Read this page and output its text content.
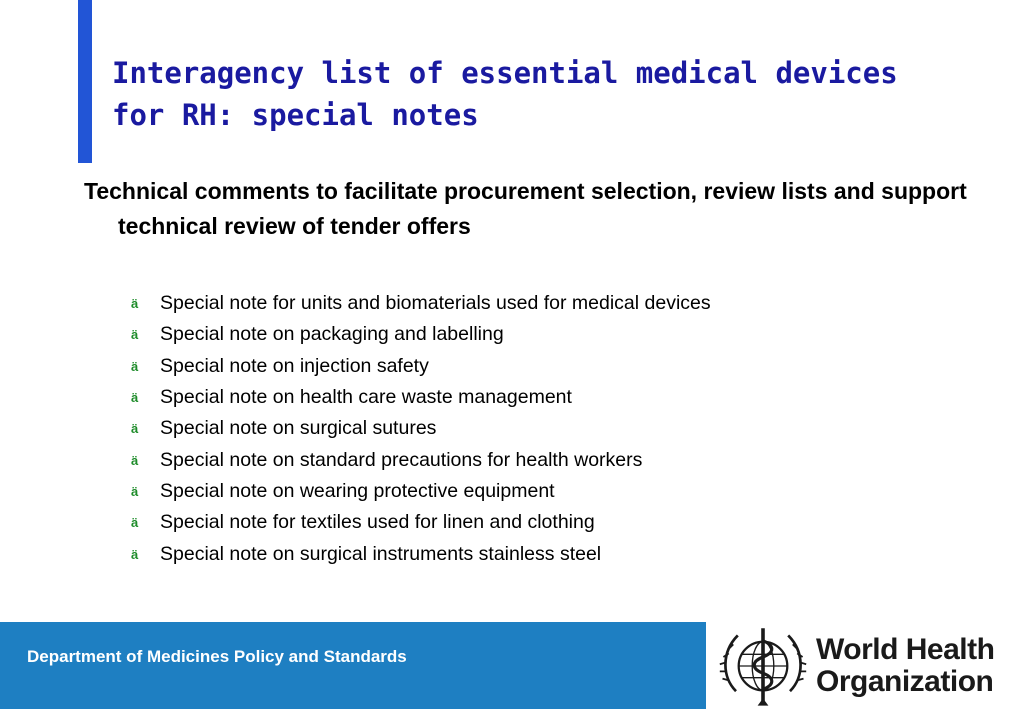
Interagency list of essential medical devices
for RH: special notes

Technical comments to facilitate procurement selection, review lists and support technical review of tender offers

ä	Special note for units and biomaterials used for medical devices
ä	Special note on packaging and labelling
ä	Special note on injection safety
ä	Special note on health care waste management
ä	Special note on surgical sutures
ä	Special note on standard precautions for health workers
ä	Special note on wearing protective equipment
ä	Special note for textiles used for linen and clothing
ä	Special note on surgical instruments stainless steel
Department of Medicines Policy and Standards	World Health
Organization
